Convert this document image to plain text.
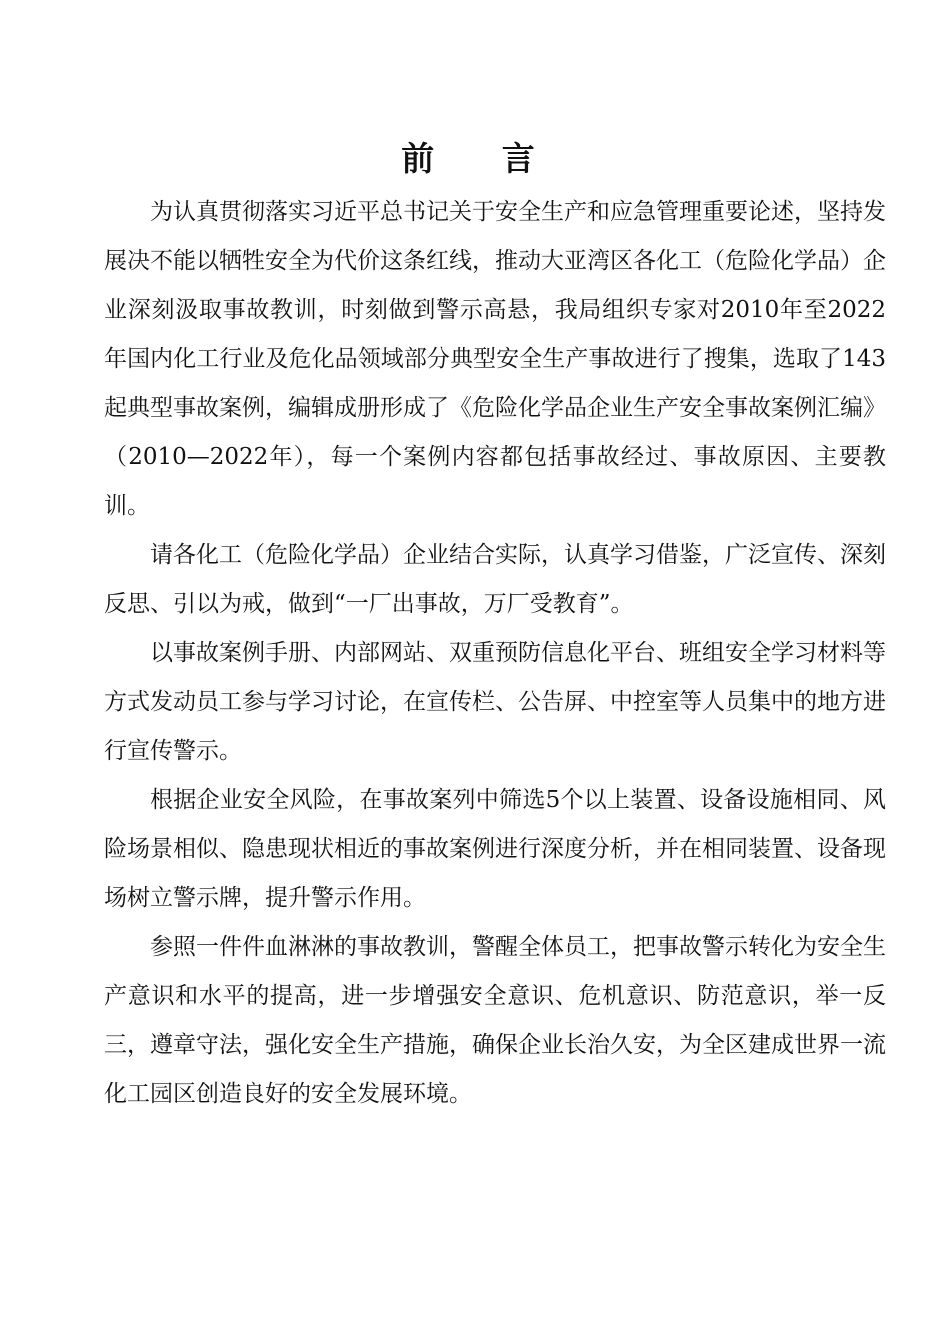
前 言

为认真贯彻落实习近平总书记关于安全生产和应急管理重要论述，坚持发展决不能以牺牲安全为代价这条红线，推动大亚湾区各化工（危险化学品）企业深刻汲取事故教训，时刻做到警示高悬，我局组织专家对2010年至2022年国内化工行业及危化品领域部分典型安全生产事故进行了搜集，选取了143起典型事故案例，编辑成册形成了《危险化学品企业生产安全事故案例汇编》（2010—2022年），每一个案例内容都包括事故经过、事故原因、主要教训。

请各化工（危险化学品）企业结合实际，认真学习借鉴，广泛宣传、深刻反思、引以为戒，做到“一厂出事故，万厂受教育”。

以事故案例手册、内部网站、双重预防信息化平台、班组安全学习材料等方式发动员工参与学习讨论，在宣传栏、公告屏、中控室等人员集中的地方进行宣传警示。

根据企业安全风险，在事故案列中筛选5个以上装置、设备设施相同、风险场景相似、隐患现状相近的事故案例进行深度分析，并在相同装置、设备现场树立警示牌，提升警示作用。

参照一件件血淋淋的事故教训，警醒全体员工，把事故警示转化为安全生产意识和水平的提高，进一步增强安全意识、危机意识、防范意识，举一反三，遵章守法，强化安全生产措施，确保企业长治久安，为全区建成世界一流化工园区创造良好的安全发展环境。
